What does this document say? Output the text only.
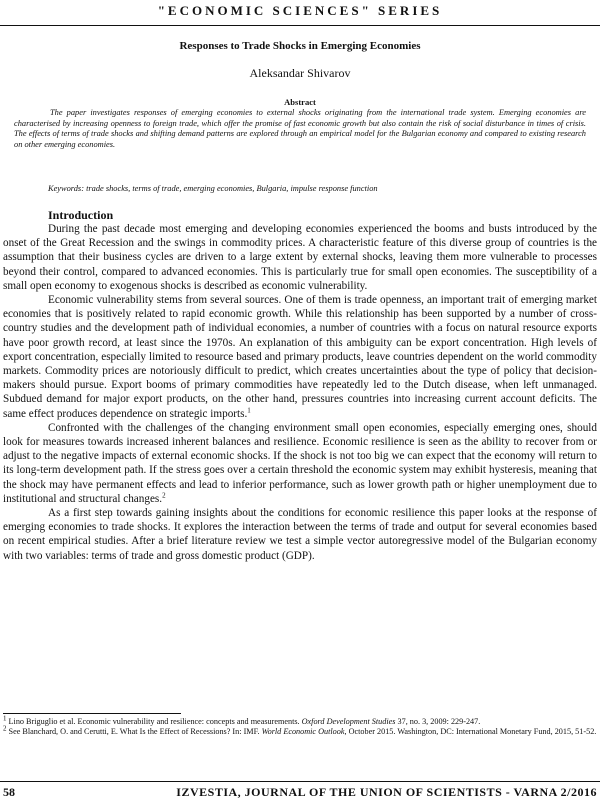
"ECONOMIC SCIENCES" SERIES
Responses to Trade Shocks in Emerging Economies
Aleksandar Shivarov
Abstract

The paper investigates responses of emerging economies to external shocks originating from the international trade system. Emerging economies are characterised by increasing openness to foreign trade, which offer the promise of fast economic growth but also contain the risk of social disturbance in times of crisis. The effects of terms of trade shocks and shifting demand patterns are explored through an empirical model for the Bulgarian economy and compared to existing research on other emerging economies.

Keywords: trade shocks, terms of trade, emerging economies, Bulgaria, impulse response function

Introduction

During the past decade most emerging and developing economies experienced the booms and busts introduced by the onset of the Great Recession and the swings in commodity prices. A characteristic feature of this diverse group of countries is the assumption that their business cycles are driven to a large extent by external shocks, leaving them more vulnerable to processes beyond their control, compared to advanced economies. This is particularly true for small open economies. The susceptibility of a small open economy to exogenous shocks is described as economic vulnerability.

Economic vulnerability stems from several sources. One of them is trade openness, an important trait of emerging market economies that is positively related to rapid economic growth. While this relationship has been supported by a number of cross-country studies and the development path of individual economies, a number of countries with a focus on natural resource exports have poor growth record, at least since the 1970s. An explanation of this ambiguity can be export concentration. High levels of export concentration, especially limited to resource based and primary products, leave countries dependent on the world commodity markets. Commodity prices are notoriously difficult to predict, which creates uncertainties about the type of policy that decision-makers should pursue. Export booms of primary commodities have repeatedly led to the Dutch disease, when left unmanaged. Subdued demand for major export products, on the other hand, pressures countries into increasing current account deficits. The same effect produces dependence on strategic imports.$^1$

Confronted with the challenges of the changing environment small open economies, especially emerging ones, should look for measures towards increased inherent balances and resilience. Economic resilience is seen as the ability to recover from or adjust to the negative impacts of external economic shocks. If the shock is not too big we can expect that the economy will return to its long-term development path. If the stress goes over a certain threshold the economic system may exhibit hysteresis, meaning that the shock may have permanent effects and lead to inferior performance, such as lower growth path or higher unemployment due to institutional and structural changes.$^2$

As a first step towards gaining insights about the conditions for economic resilience this paper looks at the response of emerging economies to trade shocks. It explores the interaction between the terms of trade and output for several economies based on recent empirical studies. After a brief literature review we test a simple vector autoregressive model of the Bulgarian economy with two variables: terms of trade and gross domestic product (GDP).

$^1$ Lino Briguglio et al. Economic vulnerability and resilience: concepts and measurements. Oxford Development Studies 37, no. 3, 2009: 229-247.
$^2$ See Blanchard, O. and Cerutti, E. What Is the Effect of Recessions? In: IMF. World Economic Outlook, October 2015. Washington, DC: International Monetary Fund, 2015, 51-52.
58	IZVESTIA, JOURNAL OF THE UNION OF SCIENTISTS - VARNA 2/2016
